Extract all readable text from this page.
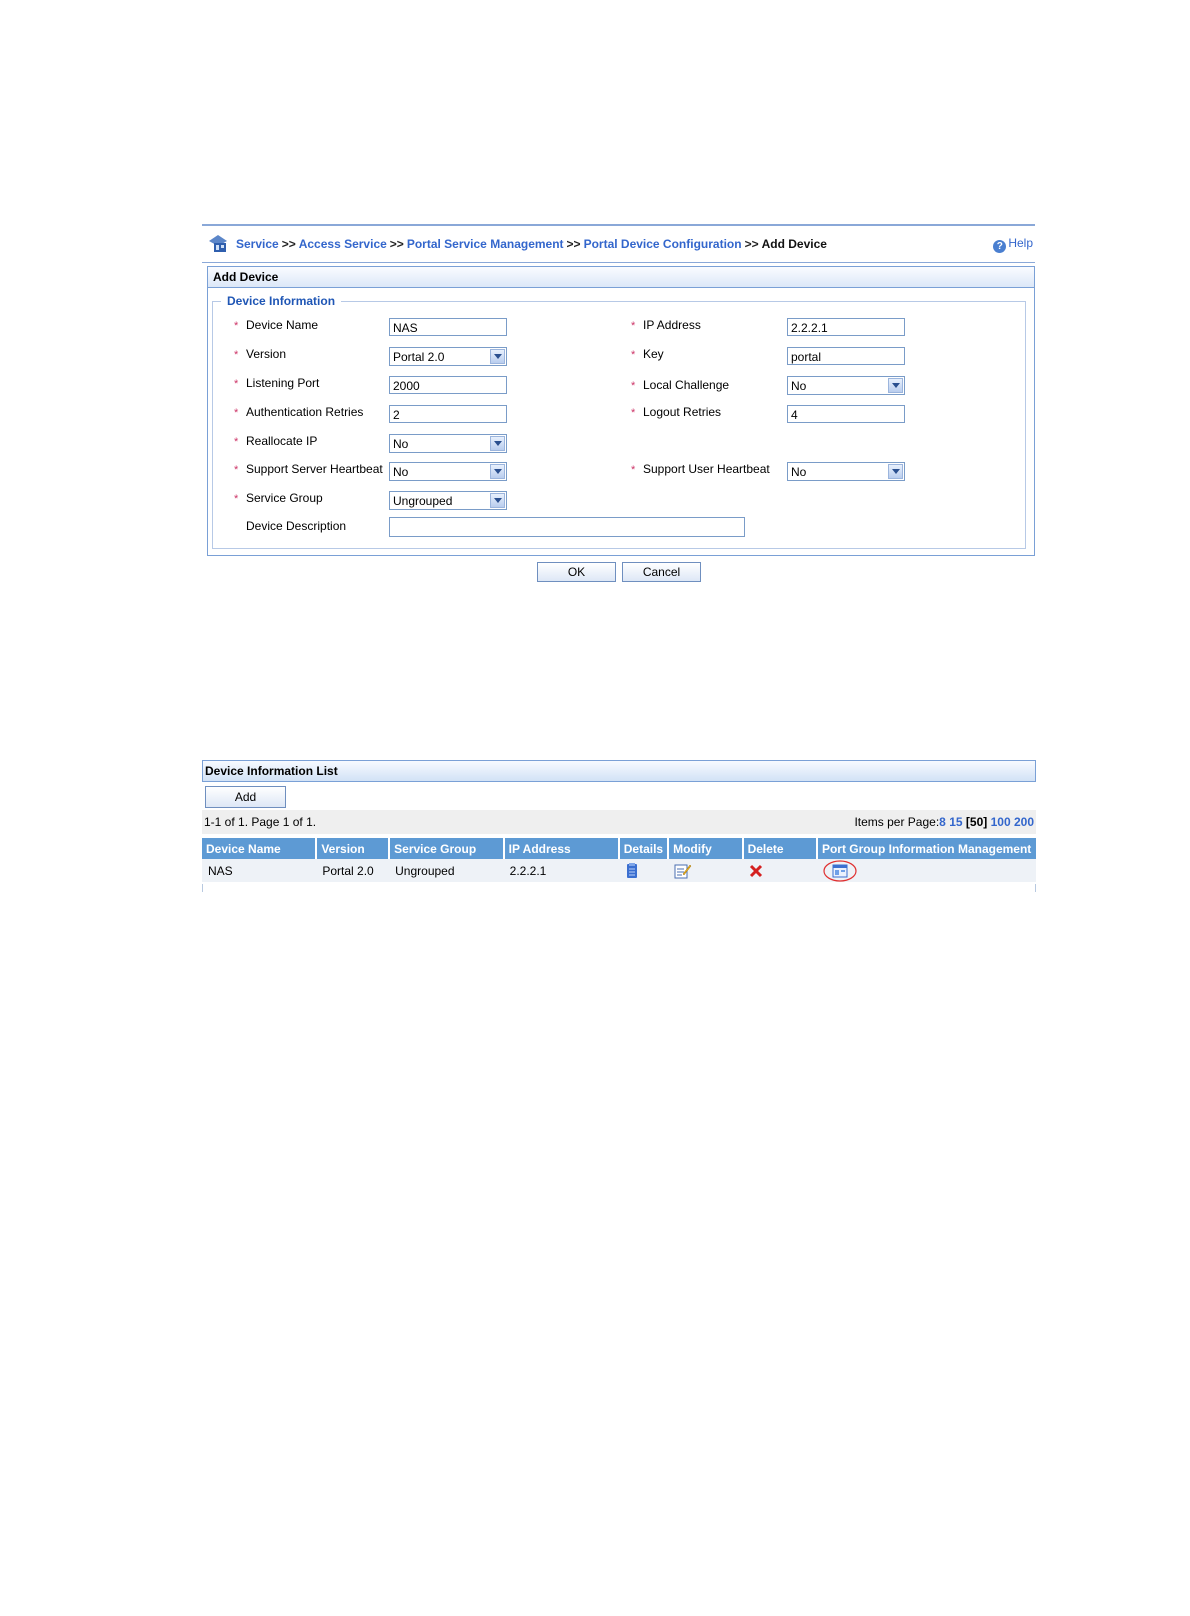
Service >> Access Service >> Portal Service Management >> Portal Device Configuration >> Add Device	? Help
Add Device
Device Information
* Device Name	NAS	* IP Address	2.2.2.1
* Version	Portal 2.0	* Key	portal
* Listening Port	2000	* Local Challenge	No
* Authentication Retries	2	* Logout Retries	4
* Reallocate IP	No
* Support Server Heartbeat No	* Support User Heartbeat	No
* Service Group	Ungrouped
Device Description
OK	Cancel
Device Information List
Add
1-1 of 1. Page 1 of 1.	Items per Page:8 15 [50] 100 200
Device Name	Version	Service Group	IP Address	Details	Modify	Delete	Port Group Information Management
NAS	Portal 2.0	Ungrouped	2.2.2.1				
